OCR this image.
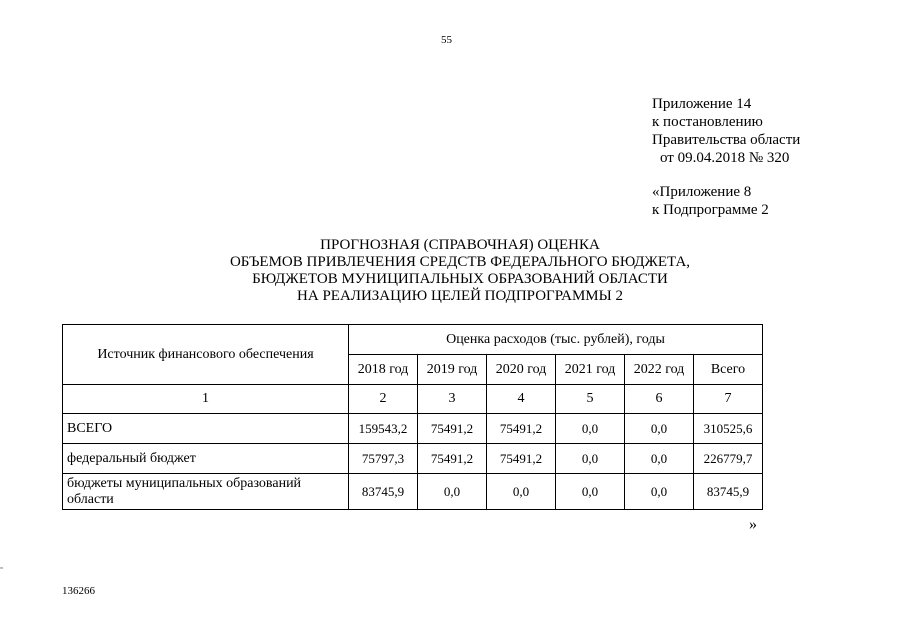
55
Приложение 14
к постановлению
Правительства области
от 09.04.2018 № 320
«Приложение 8
к Подпрограмме 2
ПРОГНОЗНАЯ (СПРАВОЧНАЯ) ОЦЕНКА
ОБЪЕМОВ ПРИВЛЕЧЕНИЯ СРЕДСТВ ФЕДЕРАЛЬНОГО БЮДЖЕТА,
БЮДЖЕТОВ МУНИЦИПАЛЬНЫХ ОБРАЗОВАНИЙ ОБЛАСТИ
НА РЕАЛИЗАЦИЮ ЦЕЛЕЙ ПОДПРОГРАММЫ 2
Источник финансового обеспечения	Оценка расходов (тыс. рублей), годы					
	2018 год	2019 год	2020 год	2021 год	2022 год	Всего
1	2	3	4	5	6	7
ВСЕГО	159543,2	75491,2	75491,2	0,0	0,0	310525,6
федеральный бюджет	75797,3	75491,2	75491,2	0,0	0,0	226779,7
бюджеты муниципальных образований области	83745,9	0,0	0,0	0,0	0,0	83745,9
»
136266
≈
